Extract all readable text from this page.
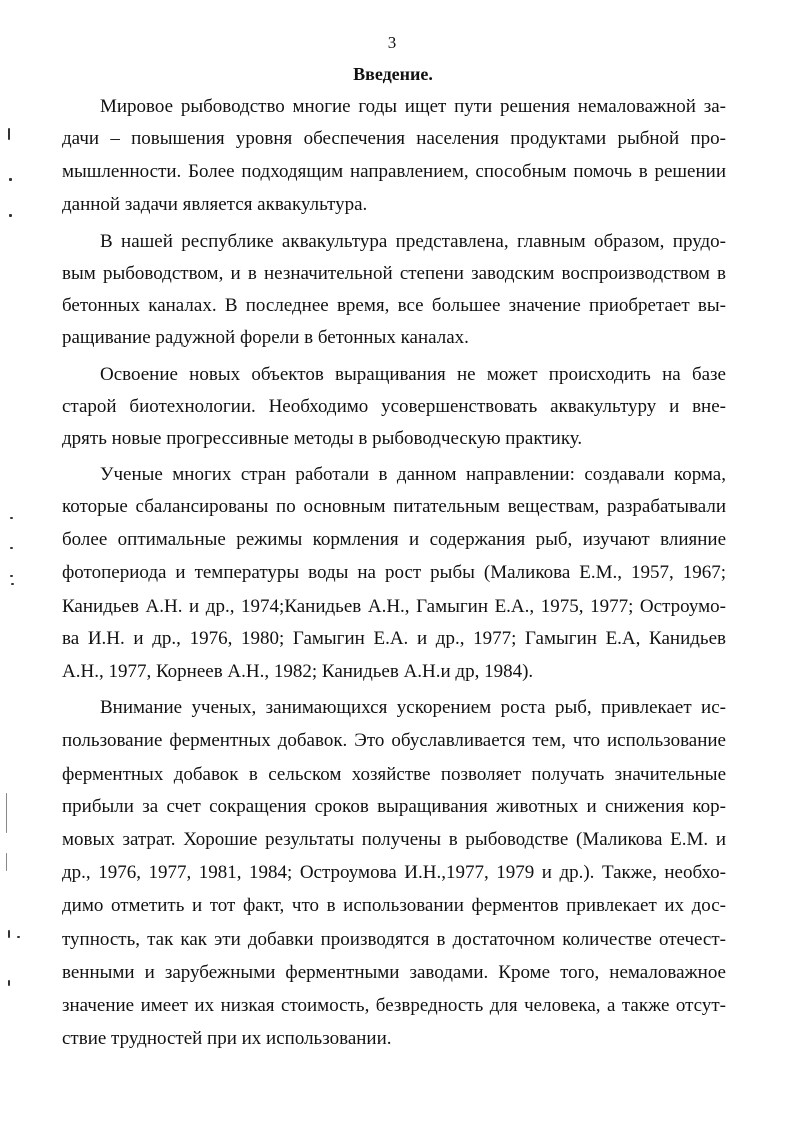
3
Введение.
Мировое рыбоводство многие годы ищет пути решения немаловажной за-
дачи – повышения уровня обеспечения населения продуктами рыбной про-
мышленности. Более подходящим направлением, способным помочь в решении
данной задачи является аквакультура.
В нашей республике аквакультура представлена, главным образом, прудо-
вым рыбоводством, и в незначительной степени заводским воспроизводством в
бетонных каналах. В последнее время, все большее значение приобретает вы-
ращивание радужной форели в бетонных каналах.
Освоение новых объектов выращивания не может происходить на базе
старой биотехнологии. Необходимо усовершенствовать аквакультуру и вне-
дрять новые прогрессивные методы в рыбоводческую практику.
Ученые многих стран работали в данном направлении: создавали корма,
которые сбалансированы по основным питательным веществам, разрабатывали
более оптимальные режимы кормления и содержания рыб, изучают влияние
фотопериода и температуры воды на рост рыбы (Маликова Е.М., 1957, 1967;
Канидьев А.Н. и др., 1974;Канидьев А.Н., Гамыгин Е.А., 1975, 1977; Остроумо-
ва И.Н. и др., 1976, 1980; Гамыгин Е.А. и др., 1977; Гамыгин Е.А, Канидьев
А.Н., 1977, Корнеев А.Н., 1982; Канидьев А.Н.и др, 1984).
Внимание ученых, занимающихся ускорением роста рыб, привлекает ис-
пользование ферментных добавок. Это обуславливается тем, что использование
ферментных добавок в сельском хозяйстве позволяет получать значительные
прибыли за счет сокращения сроков выращивания животных и снижения кор-
мовых затрат. Хорошие результаты получены в рыбоводстве (Маликова Е.М. и
др., 1976, 1977, 1981, 1984; Остроумова И.Н.,1977, 1979 и др.). Также, необхо-
димо отметить и тот факт, что в использовании ферментов привлекает их дос-
тупность, так как эти добавки производятся в достаточном количестве отечест-
венными и зарубежными ферментными заводами. Кроме того, немаловажное
значение имеет их низкая стоимость, безвредность для человека, а также отсут-
ствие трудностей при их использовании.
